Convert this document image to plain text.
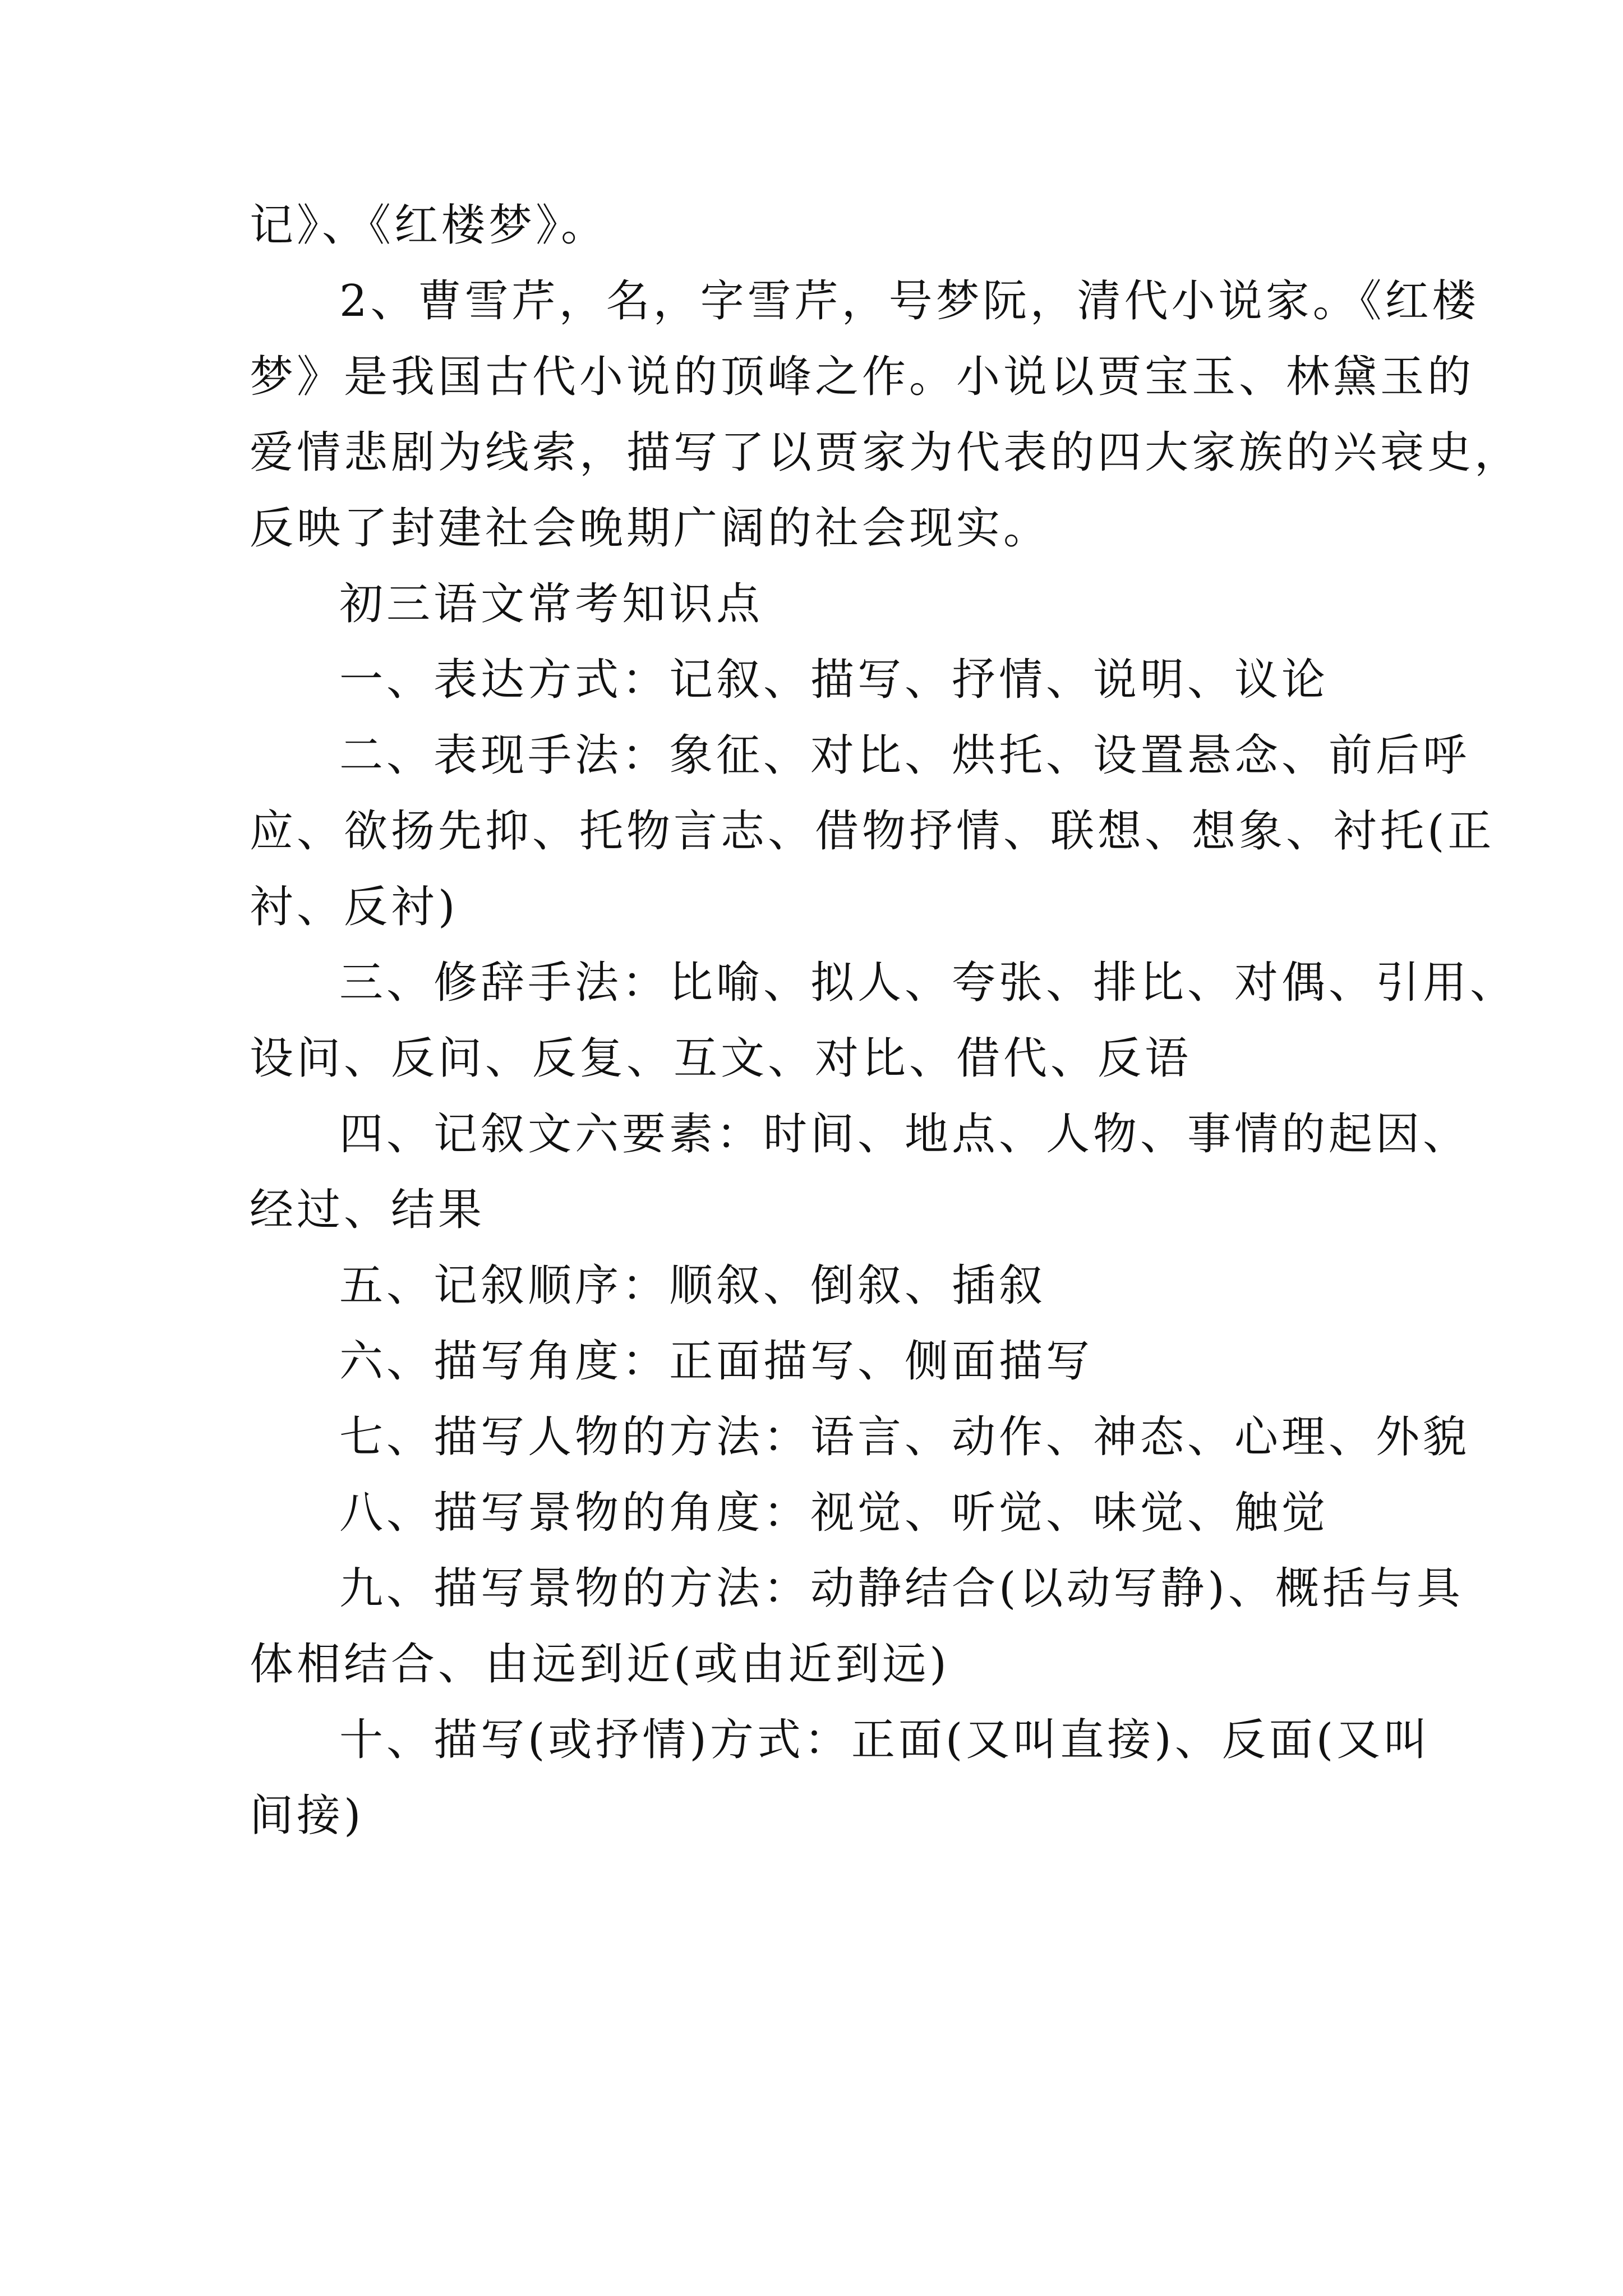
记》、《红楼梦》。
2、曹雪芹，名，字雪芹，号梦阮，清代小说家。《红楼
梦》是我国古代小说的顶峰之作。小说以贾宝玉、林黛玉的
爱情悲剧为线索，描写了以贾家为代表的四大家族的兴衰史，
反映了封建社会晚期广阔的社会现实。
初三语文常考知识点
一、表达方式：记叙、描写、抒情、说明、议论
二、表现手法：象征、对比、烘托、设置悬念、前后呼
应、欲扬先抑、托物言志、借物抒情、联想、想象、衬托(正
衬、反衬)
三、修辞手法：比喻、拟人、夸张、排比、对偶、引用、
设问、反问、反复、互文、对比、借代、反语
四、记叙文六要素：时间、地点、人物、事情的起因、
经过、结果
五、记叙顺序：顺叙、倒叙、插叙
六、描写角度：正面描写、侧面描写
七、描写人物的方法：语言、动作、神态、心理、外貌
八、描写景物的角度：视觉、听觉、味觉、触觉
九、描写景物的方法：动静结合(以动写静)、概括与具
体相结合、由远到近(或由近到远)
十、描写(或抒情)方式：正面(又叫直接)、反面(又叫
间接)
